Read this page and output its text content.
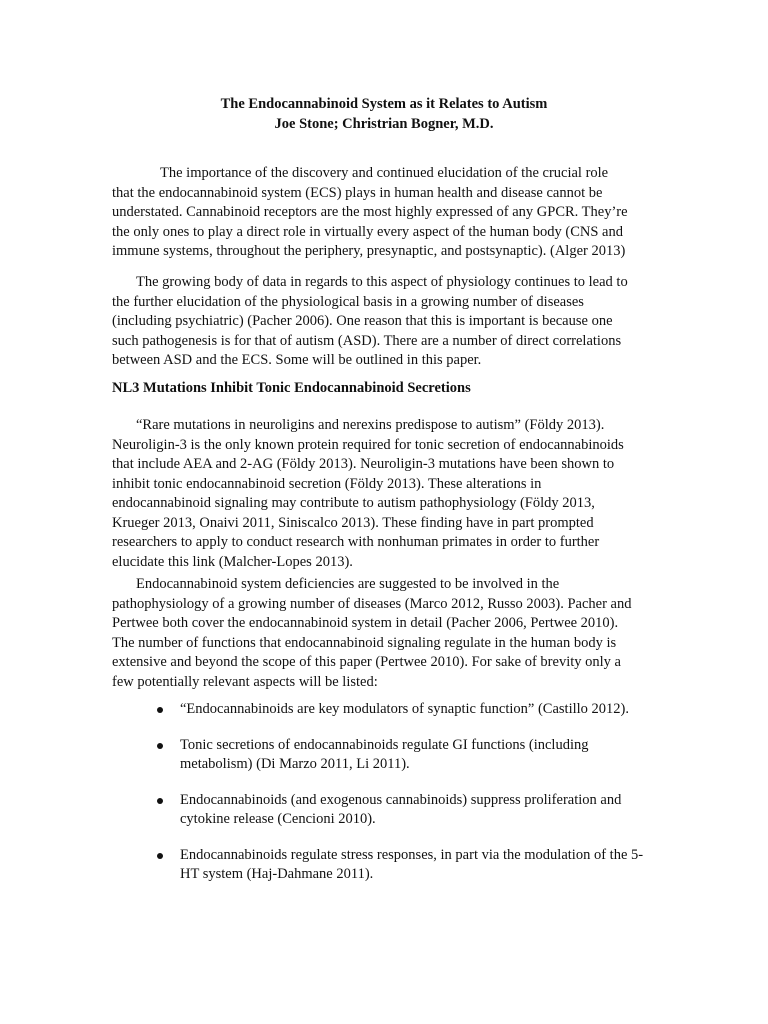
The Endocannabinoid System as it Relates to Autism
Joe Stone; Christrian Bogner, M.D.

The importance of the discovery and continued elucidation of the crucial role that the endocannabinoid system (ECS) plays in human health and disease cannot be understated. Cannabinoid receptors are the most highly expressed of any GPCR. They’re the only ones to play a direct role in virtually every aspect of the human body (CNS and immune systems, throughout the periphery, presynaptic, and postsynaptic). (Alger 2013)

The growing body of data in regards to this aspect of physiology continues to lead to the further elucidation of the physiological basis in a growing number of diseases (including psychiatric) (Pacher 2006). One reason that this is important is because one such pathogenesis is for that of autism (ASD). There are a number of direct correlations between ASD and the ECS. Some will be outlined in this paper.

NL3 Mutations Inhibit Tonic Endocannabinoid Secretions

“Rare mutations in neuroligins and nerexins predispose to autism” (Földy 2013). Neuroligin-3 is the only known protein required for tonic secretion of endocannabinoids that include AEA and 2-AG (Földy 2013). Neuroligin-3 mutations have been shown to inhibit tonic endocannabinoid secretion (Földy 2013). These alterations in endocannabinoid signaling may contribute to autism pathophysiology (Földy 2013, Krueger 2013, Onaivi 2011, Siniscalco 2013). These finding have in part prompted researchers to apply to conduct research with nonhuman primates in order to further elucidate this link (Malcher-Lopes 2013).

Endocannabinoid system deficiencies are suggested to be involved in the pathophysiology of a growing number of diseases (Marco 2012, Russo 2003). Pacher and Pertwee both cover the endocannabinoid system in detail (Pacher 2006, Pertwee 2010). The number of functions that endocannabinoid signaling regulate in the human body is extensive and beyond the scope of this paper (Pertwee 2010). For sake of brevity only a few potentially relevant aspects will be listed:

“Endocannabinoids are key modulators of synaptic function” (Castillo 2012).
Tonic secretions of endocannabinoids regulate GI functions (including metabolism) (Di Marzo 2011, Li 2011).
Endocannabinoids (and exogenous cannabinoids) suppress proliferation and cytokine release (Cencioni 2010).
Endocannabinoids regulate stress responses, in part via the modulation of the 5-HT system (Haj-Dahmane 2011).
